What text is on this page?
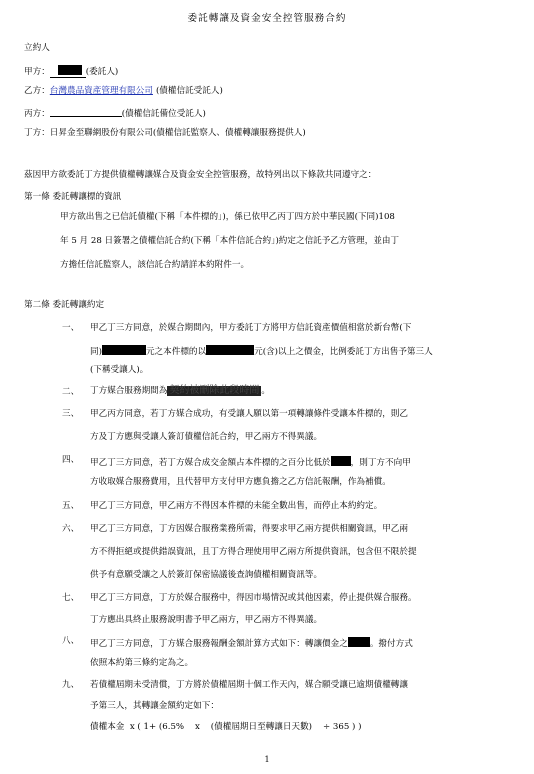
委託轉讓及資金安全控管服務合約
立約人
甲方：	(委託人)
乙方：台灣農品資產管理有限公司 (債權信託受託人)
丙方：	(債權信託備位受託人)
丁方：日昇金至聯網股份有限公司(債權信託監察人、債權轉讓服務提供人)
茲因甲方欲委託丁方提供債權轉讓媒合及資金安全控管服務，故特列出以下條款共同遵守之：
第一條 委託轉讓標的資訊
甲方欲出售之已信託債權(下稱「本件標的」)，係已依甲乙丙丁四方於中華民國(下同)108
年 5 月 28 日簽署之債權信託合約(下稱「本件信託合約」)約定之信託予乙方管理，並由丁
方擔任信託監察人，該信託合約請詳本約附件一。
第二條 委託轉讓約定
一、 甲乙丁三方同意，於媒合期間內，甲方委託丁方將甲方信託資產價值相當於新台幣(下
同)	元之本件標的以	元(含)以上之價金，比例委託丁方出售予第三人
(下稱受讓人)。
二、 丁方媒合服務期間為 契約被刪除此段時間 。
三、 甲乙丙方同意，若丁方媒合成功，有受讓人願以第一項轉讓條件受讓本件標的，則乙
方及丁方應與受讓人簽訂債權信託合約，甲乙兩方不得異議。
四、 甲乙丁三方同意，若丁方媒合成交金額占本件標的之百分比低於 ，則丁方不向甲
方收取媒合服務費用，且代替甲方支付甲方應負擔之乙方信託報酬，作為補償。
五、 甲乙丁三方同意，甲乙兩方不得因本件標的未能全數出售，而停止本約約定。
六、 甲乙丁三方同意，丁方因媒合服務業務所需，得要求甲乙兩方提供相關資訊，甲乙兩
方不得拒絕或提供錯誤資訊，且丁方得合理使用甲乙兩方所提供資訊，包含但不限於提
供予有意願受讓之人於簽訂保密協議後查詢債權相關資訊等。
七、 甲乙丁三方同意，丁方於媒合服務中，得因市場情況或其他因素，停止提供媒合服務。
丁方應出具終止服務說明書予甲乙兩方，甲乙兩方不得異議。
八、 甲乙丁三方同意，丁方媒合服務報酬金額計算方式如下：轉讓價金之	。撥付方式
依照本約第三條約定為之。
九、 若債權屆期未受清償，丁方將於債權屆期十個工作天內，媒合願受讓已逾期債權轉讓
予第三人，其轉讓金額約定如下：
債權本金  x ( 1+ (6.5%    x    (債權屆期日至轉讓日天數)    ÷ 365 ) )
1
